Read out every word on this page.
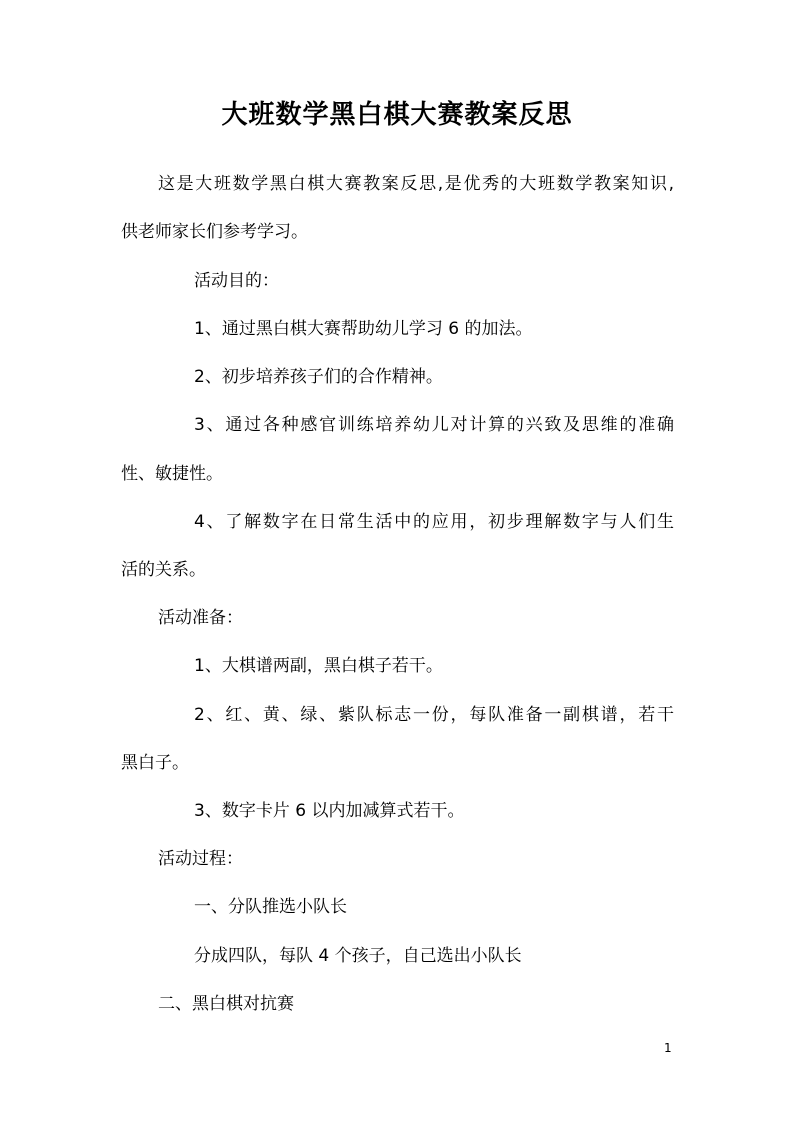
大班数学黑白棋大赛教案反思
这是大班数学黑白棋大赛教案反思,是优秀的大班数学教案知识,
供老师家长们参考学习。
活动目的：
1、通过黑白棋大赛帮助幼儿学习 6 的加法。
2、初步培养孩子们的合作精神。
3、通过各种感官训练培养幼儿对计算的兴致及思维的准确
性、敏捷性。
4、了解数字在日常生活中的应用，初步理解数字与人们生
活的关系。
活动准备：
1、大棋谱两副，黑白棋子若干。
2、红、黄、绿、紫队标志一份，每队准备一副棋谱，若干
黑白子。
3、数字卡片 6 以内加减算式若干。
活动过程：
一、分队推选小队长
分成四队，每队 4 个孩子，自己选出小队长
二、黑白棋对抗赛
1
